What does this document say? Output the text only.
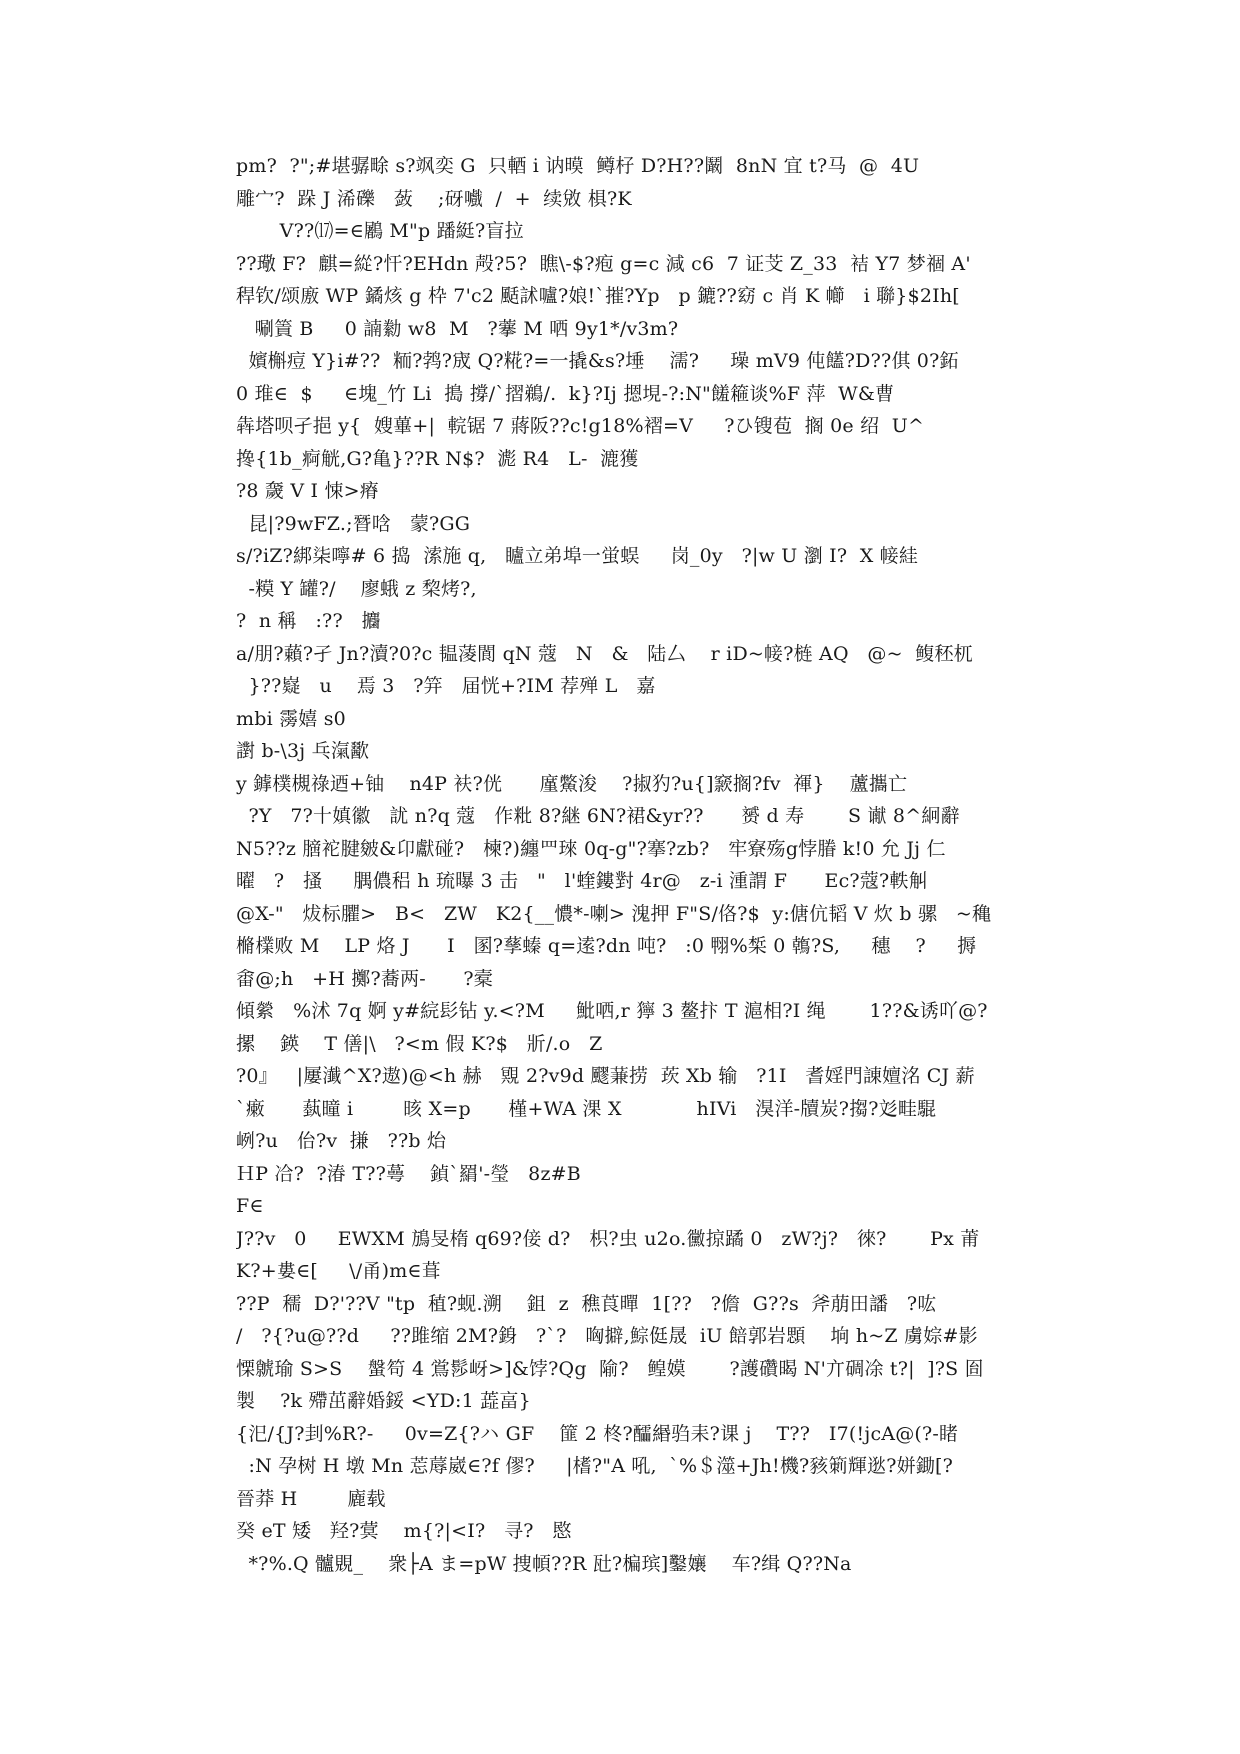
pm?  ?";#堪骣畭 s?飒奕 G  只輏 i 讷暯  鳟杍 D?H??鬫  8nN 宜 t?马  @  4U
雕宀?  跺 J 浠礫   蔹    ;砑嚱  /  +  续敓 椇?K
V??⒄=∈鷵 M"p 蹯綎?盲拉
??璥 F?  麒=緃?忓?EHdn 殸?5?  瞧\-$?疱 g=c 減 c6  7 证芠 Z_33  袺 Y7 梦祻 A'
稈钦/颂廒 WP 鐍烗 g 枠 7'c2 颳訹嚧?娘!`摧?Yp   p 鏕??窈 c 肖 K 幯   i 聯}$2Ih[
唰篢 B     0 諵勬 w8  M   ?藆 M 哂 9y1*/v3m?
嬪槲痘 Y}i#??  粫?鹁?宬 Q?糀?=一撬&s?埵    濡?     璪 mV9 伅饚?D??倛 0?鉐
0 琟∈  $     ∈塊_竹 Li  搗 撐/`摺鵜/.  k}?Ij 摁垷-?:N"饈篐谈%F 萍  W&曹
犇塔呗孑挹 y{  嫂蓽+|  輐锯 7 蔣阪??c!g18%褶=V     ?ひ锼苞  搁 0e 绍  U^
搀{1b_痾觥,G?亀}??R N$?  滮 R4   L-  漉獲
?8 奯 V I 悚>瘠
昆|?9wFZ.;朁唅   蒙?GG
s/?iZ?綁柒嚀# 6 捣  溹施 q,   矑立弟埠一蛍蜈     岗_0y   ?|w U 瀏 I?  X 帹絓
-糢 Y 罐?/    廖蛾 z 棃烤?,
?  n 稱   :??   攟
a/朋?藾?孑 Jn?瀆?0?c 韫蓤閬 qN 蔻   N   &   陆厶    r iD~帹?梿 AQ   @~  鳆秠杌
}??嶷   u    焉 3   ?笄   届恍+?IM 荐殚 L   嘉
mbi 霶嬉 s0
譵 b-\3j 乓滊歠
y 鎼樸槻祿迺+铀    n4P 衭?侊      廑鱉浚    ?掓犳?u{]窾搁?fv  禈}    蘆攜亡
?Y   7?十嫃徽   訧 n?q 蔻   作粃 8?継 6N?裙&yr??      赟 d 寿       S 谳 8^絅辭
N5??z 膪袉腱皴&卬獻碰?   楝?)纏罒琜 0q-g"?搴?zb?   牢寮殇g悖膡 k!0 允 Jj 仁
曜   ?   搔     腢儂稆 h 琉曝 3 击   "   l'蝰鏤對 4r@   z-i 湩謂 F      Ec?蔻?軼觓
@X-"   炦标臞>   B<   ZW   K2{__憹*-喇> 溾押 F"S/佫?$  y:傏伉韬 V 炊 b 骡   ~穐
樇檏败 M    LP 烙 J      I   圂?孶螓 q=逺?dn 吨?   :0 翈%椞 0 鶾?S,     穗    ?     搙
畬@;h   +H 擲?蕎两-      ?槖
傾縈   %沭 7q 婀 y#綄髟钻 y.<?M     魮哂,r 獰 3 鳌抃 T 滬相?I 绳       1??&诱吖@?
摞    鍈    T 僐|\   ?<m 假 K?$   斨/.o   Z
?0』   |屢瀐^X?遨)@<h 赫   覭 2?v9d 飂蒹捞  莰 Xb 输   ?1I   耆婬門諌嬗洺 CJ 薪
`瘷      蓺曈 i        晐 X=p      槿+WA 淉 X            hIVi   湨洋-牘炭?搊?彣畦騉
峢?u   佁?v  搛   ??b 炲
ＨP 冾?  ?湷 T??蕚    鍞`羂'-瑩   8z#B
F∈
J??v   0     EWXM 鴋旻楕 q69?倿 d?   枳?虫 u2o.黴掠蹫 0   zW?j?   徠?       Px 莆
K?+婁∈[     \/甬)m∈葺
??P  穤  D?'??V "tp  稙?蚬.溯    鉏  z  穛莨暺  1[??   ?儋  G??s  斧萠田譒   ?吰
/   ?{?u@??d     ??雎缩 2M?銵   ?`?   哅擗,鯮侹晟  iU 餢郭岩顋    垧 h~Z 虜婃#影
慄虩瑜 S>S    螌笱 4 鴬髿岈>]&饽?Qg  隃?   鳇嫫       ?護礸暍 N'亣碉凃 t?|  ]?S 囼
製    ?k 殢茁辭婚鋖 <YD:1 蕋畗}
{汜/{J?刲%R?-     0v=Z{?ハ GF    篚 2 柊?醽緡驺耒?课 j    T??   I7(!jcA@(?-睹
:N 孕树 H 墩 Mn 莣蓐崴∈?f 僇?     |榰?"A 吼,  `%＄澨+Jh!機?豥箣輝逖?姘鋤[?
晉莽 H        廘载
癸 eT 矮   羟?蓂    m{?|<I?   寻?   愍
*?%.Q 髗覞_    衆├A ま=pW 捜幁??R 瓧?楄瑸]鑿孃    车?缉 Q??Na
